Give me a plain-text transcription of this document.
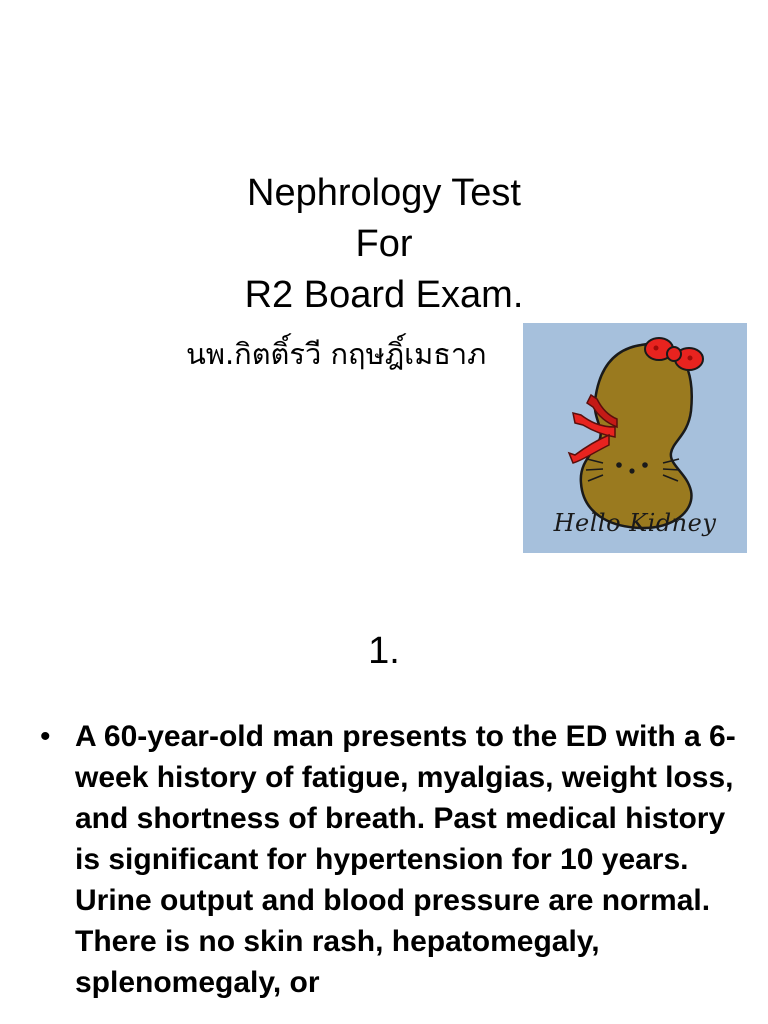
Nephrology Test

For

R2 Board Exam.

นพ.กิตติ์รวี กฤษฎิ์เมธาภ
Hello Kidney
1.
• A 60-year-old man presents to the ED with a 6-week history of fatigue, myalgias, weight loss, and shortness of breath. Past medical history is significant for hypertension for 10 years. Urine output and blood pressure are normal. There is no skin rash, hepatomegaly, splenomegaly, or
